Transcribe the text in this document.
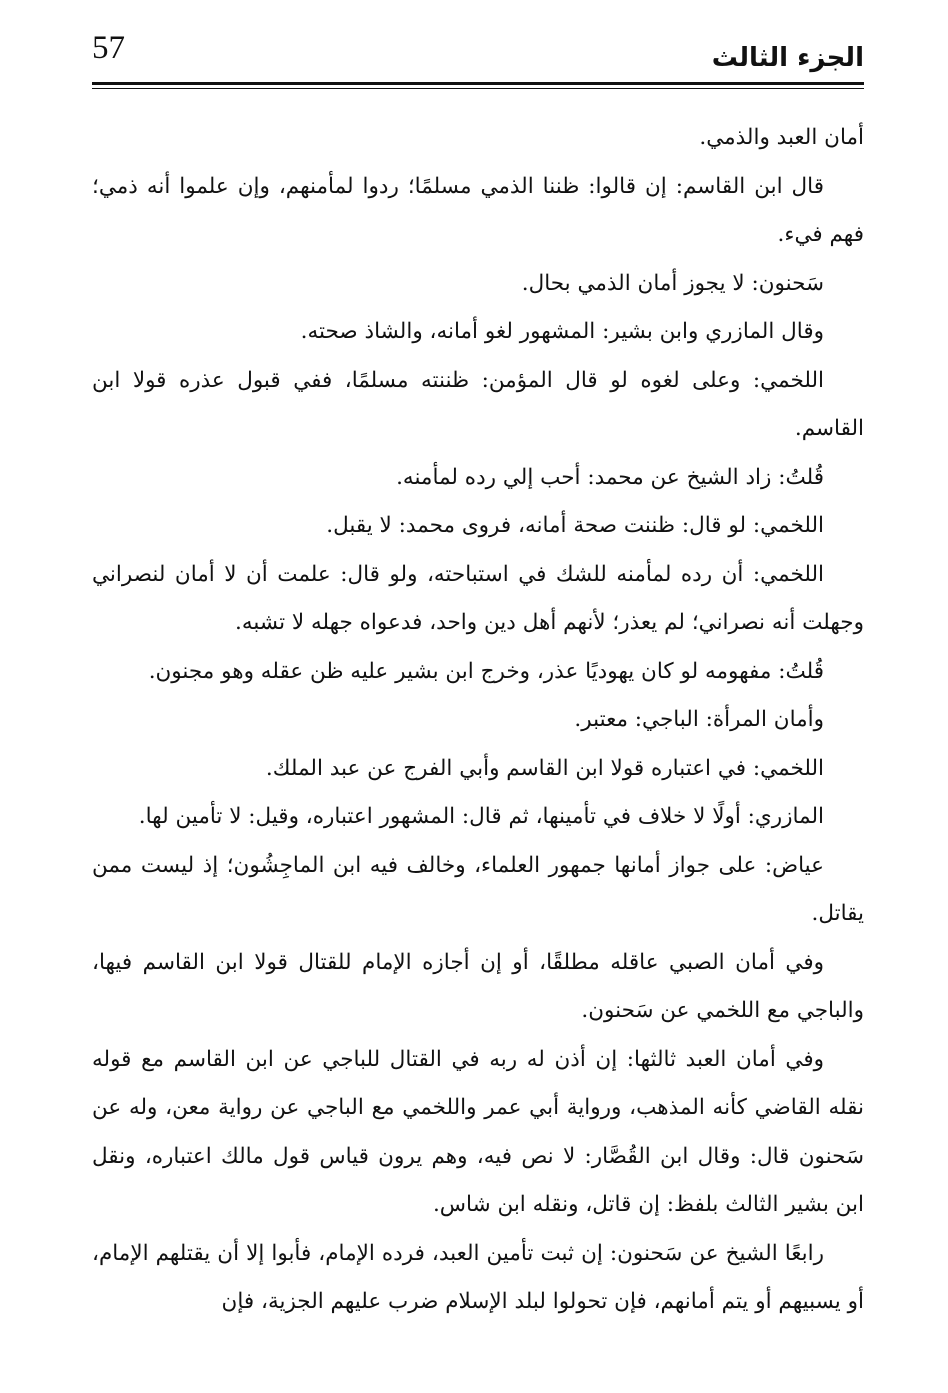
57	الجزء الثالث

أمان العبد والذمي.

قال ابن القاسم: إن قالوا: ظننا الذمي مسلمًا؛ ردوا لمأمنهم، وإن علموا أنه ذمي؛ فهم فيء.

سَحنون: لا يجوز أمان الذمي بحال.

وقال المازري وابن بشير: المشهور لغو أمانه، والشاذ صحته.

اللخمي: وعلى لغوه لو قال المؤمن: ظننته مسلمًا، ففي قبول عذره قولا ابن القاسم.

قُلتُ: زاد الشيخ عن محمد: أحب إلي رده لمأمنه.

اللخمي: لو قال: ظننت صحة أمانه، فروى محمد: لا يقبل.

اللخمي: أن رده لمأمنه للشك في استباحته، ولو قال: علمت أن لا أمان لنصراني وجهلت أنه نصراني؛ لم يعذر؛ لأنهم أهل دين واحد، فدعواه جهله لا تشبه.

قُلتُ: مفهومه لو كان يهوديًا عذر، وخرج ابن بشير عليه ظن عقله وهو مجنون.

وأمان المرأة: الباجي: معتبر.

اللخمي: في اعتباره قولا ابن القاسم وأبي الفرج عن عبد الملك.

المازري: أولًا لا خلاف في تأمينها، ثم قال: المشهور اعتباره، وقيل: لا تأمين لها.

عياض: على جواز أمانها جمهور العلماء، وخالف فيه ابن الماجِشُون؛ إذ ليست ممن يقاتل.

وفي أمان الصبي عاقله مطلقًا، أو إن أجازه الإمام للقتال قولا ابن القاسم فيها، والباجي مع اللخمي عن سَحنون.

وفي أمان العبد ثالثها: إن أذن له ربه في القتال للباجي عن ابن القاسم مع قوله نقله القاضي كأنه المذهب، ورواية أبي عمر واللخمي مع الباجي عن رواية معن، وله عن سَحنون قال: وقال ابن القُصَّار: لا نص فيه، وهم يرون قياس قول مالك اعتباره، ونقل ابن بشير الثالث بلفظ: إن قاتل، ونقله ابن شاس.

رابعًا الشيخ عن سَحنون: إن ثبت تأمين العبد، فرده الإمام، فأبوا إلا أن يقتلهم الإمام، أو يسبيهم أو يتم أمانهم، فإن تحولوا لبلد الإسلام ضرب عليهم الجزية، فإن
